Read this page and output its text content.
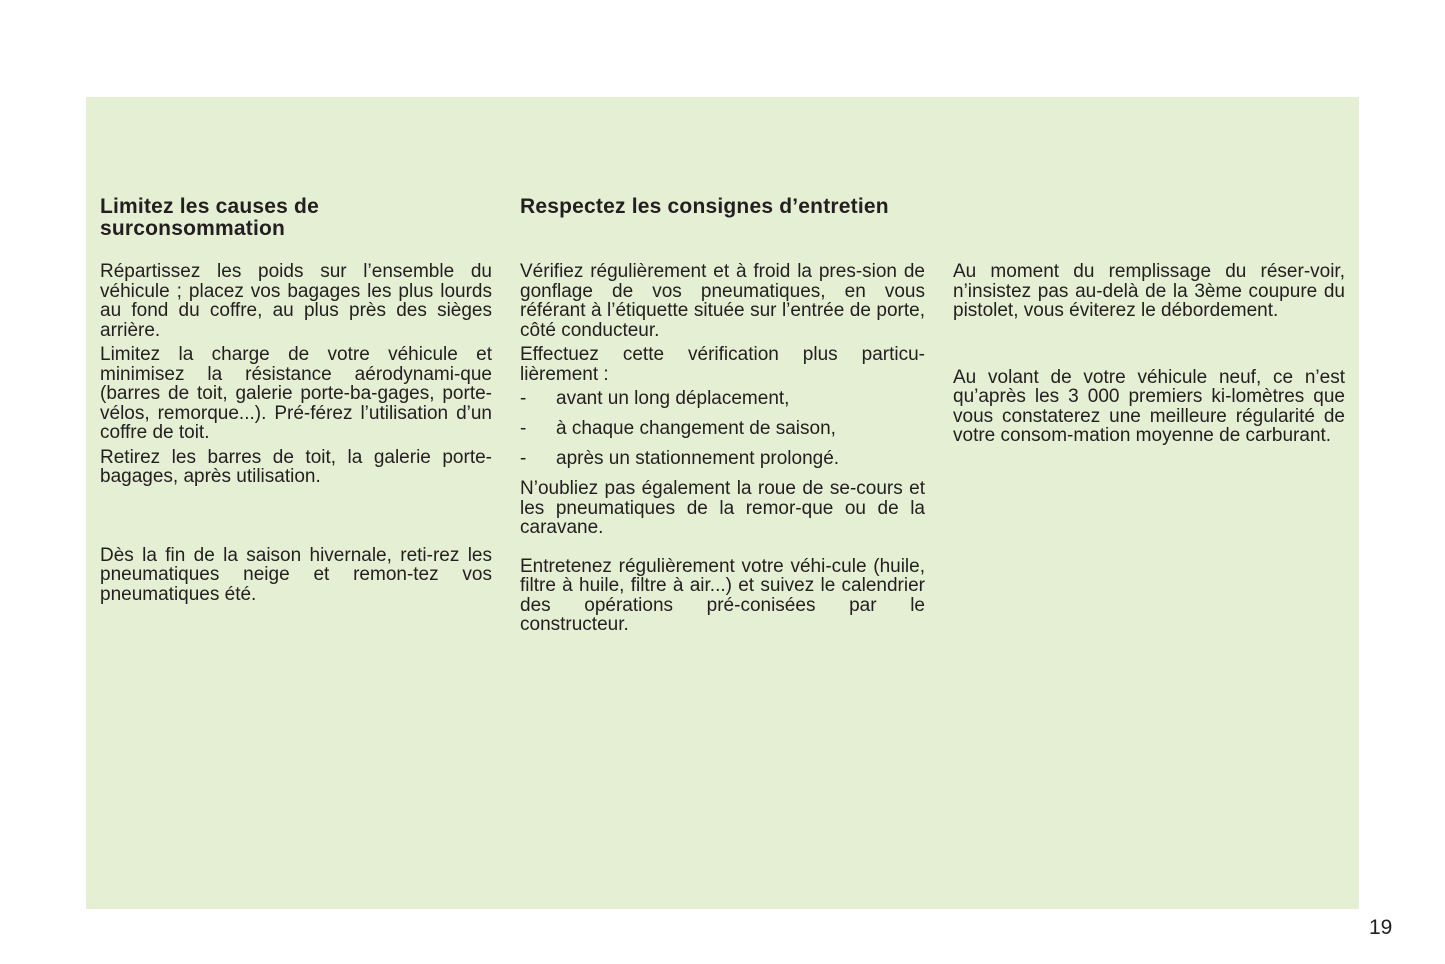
Limitez les causes de surconsommation

Répartissez les poids sur l’ensemble du véhicule ; placez vos bagages les plus lourds au fond du coffre, au plus près des sièges arrière.

Limitez la charge de votre véhicule et minimisez la résistance aérodynami-que (barres de toit, galerie porte-ba-gages, porte-vélos, remorque...). Pré-férez l’utilisation d’un coffre de toit.

Retirez les barres de toit, la galerie porte-bagages, après utilisation.

Dès la fin de la saison hivernale, reti-rez les pneumatiques neige et remon-tez vos pneumatiques été.

Respectez les consignes d’entretien

Vérifiez régulièrement et à froid la pres-sion de gonflage de vos pneumatiques, en vous référant à l’étiquette située sur l’entrée de porte, côté conducteur.

Effectuez cette vérification plus particu-lièrement :

-	avant un long déplacement,
-	à chaque changement de saison,
-	après un stationnement prolongé.

N’oubliez pas également la roue de se-cours et les pneumatiques de la remor-que ou de la caravane.

Entretenez régulièrement votre véhi-cule (huile, filtre à huile, filtre à air...) et suivez le calendrier des opérations pré-conisées par le constructeur.

Au moment du remplissage du réser-voir, n’insistez pas au-delà de la 3ème coupure du pistolet, vous éviterez le débordement.

Au volant de votre véhicule neuf, ce n’est qu’après les 3 000 premiers ki-lomètres que vous constaterez une meilleure régularité de votre consom-mation moyenne de carburant.

19
